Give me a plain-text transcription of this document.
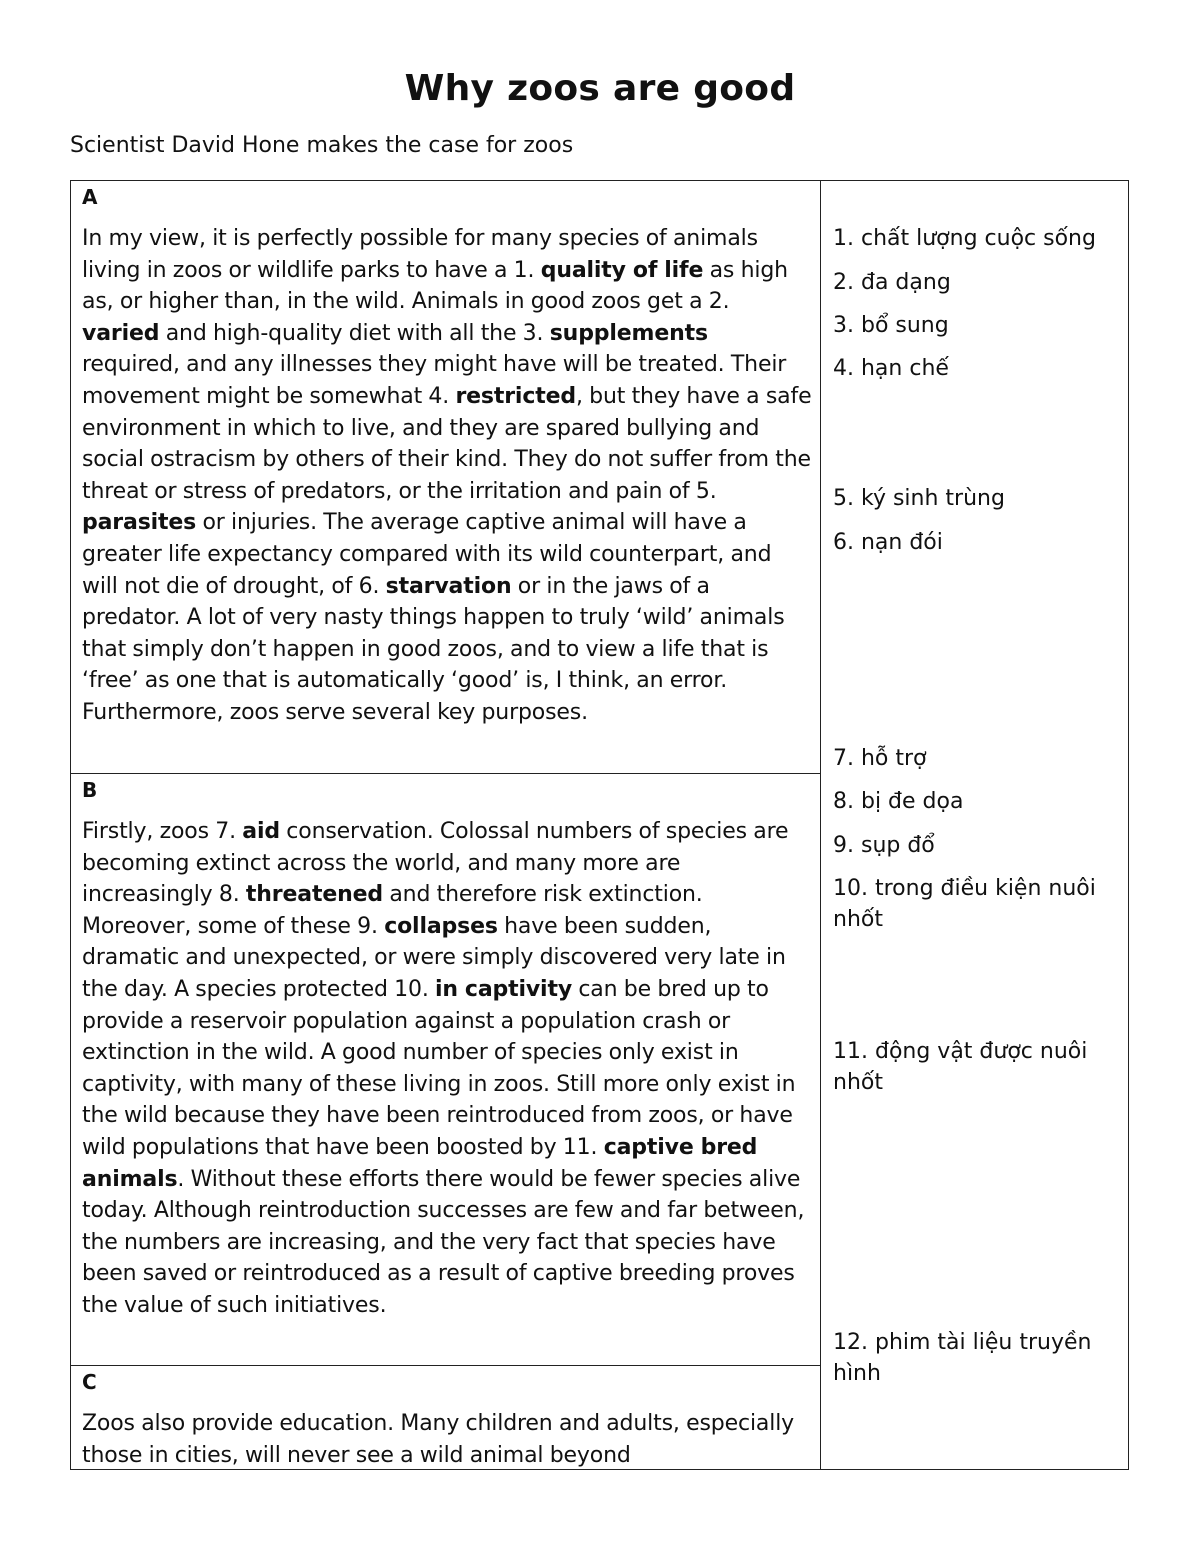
Why zoos are good

Scientist David Hone makes the case for zoos

A

In my view, it is perfectly possible for many species of animals living in zoos or wildlife parks to have a 1. quality of life as high as, or higher than, in the wild. Animals in good zoos get a 2. varied and high-quality diet with all the 3. supplements required, and any illnesses they might have will be treated. Their movement might be somewhat 4. restricted, but they have a safe environment in which to live, and they are spared bullying and social ostracism by others of their kind. They do not suffer from the threat or stress of predators, or the irritation and pain of 5. parasites or injuries. The average captive animal will have a greater life expectancy compared with its wild counterpart, and will not die of drought, of 6. starvation or in the jaws of a predator. A lot of very nasty things happen to truly ‘wild’ animals that simply don’t happen in good zoos, and to view a life that is ‘free’ as one that is automatically ‘good’ is, I think, an error. Furthermore, zoos serve several key purposes.

B

Firstly, zoos 7. aid conservation. Colossal numbers of species are becoming extinct across the world, and many more are increasingly 8. threatened and therefore risk extinction. Moreover, some of these 9. collapses have been sudden, dramatic and unexpected, or were simply discovered very late in the day. A species protected 10. in captivity can be bred up to provide a reservoir population against a population crash or extinction in the wild. A good number of species only exist in captivity, with many of these living in zoos. Still more only exist in the wild because they have been reintroduced from zoos, or have wild populations that have been boosted by 11. captive bred animals. Without these efforts there would be fewer species alive today. Although reintroduction successes are few and far between, the numbers are increasing, and the very fact that species have been saved or reintroduced as a result of captive breeding proves the value of such initiatives.

C

Zoos also provide education. Many children and adults, especially those in cities, will never see a wild animal beyond

1. chất lượng cuộc sống

2. đa dạng

3. bổ sung

4. hạn chế

5. ký sinh trùng

6. nạn đói

7. hỗ trợ

8. bị đe dọa

9. sụp đổ

10. trong điều kiện nuôi nhốt

11. động vật được nuôi nhốt

12. phim tài liệu truyền hình
